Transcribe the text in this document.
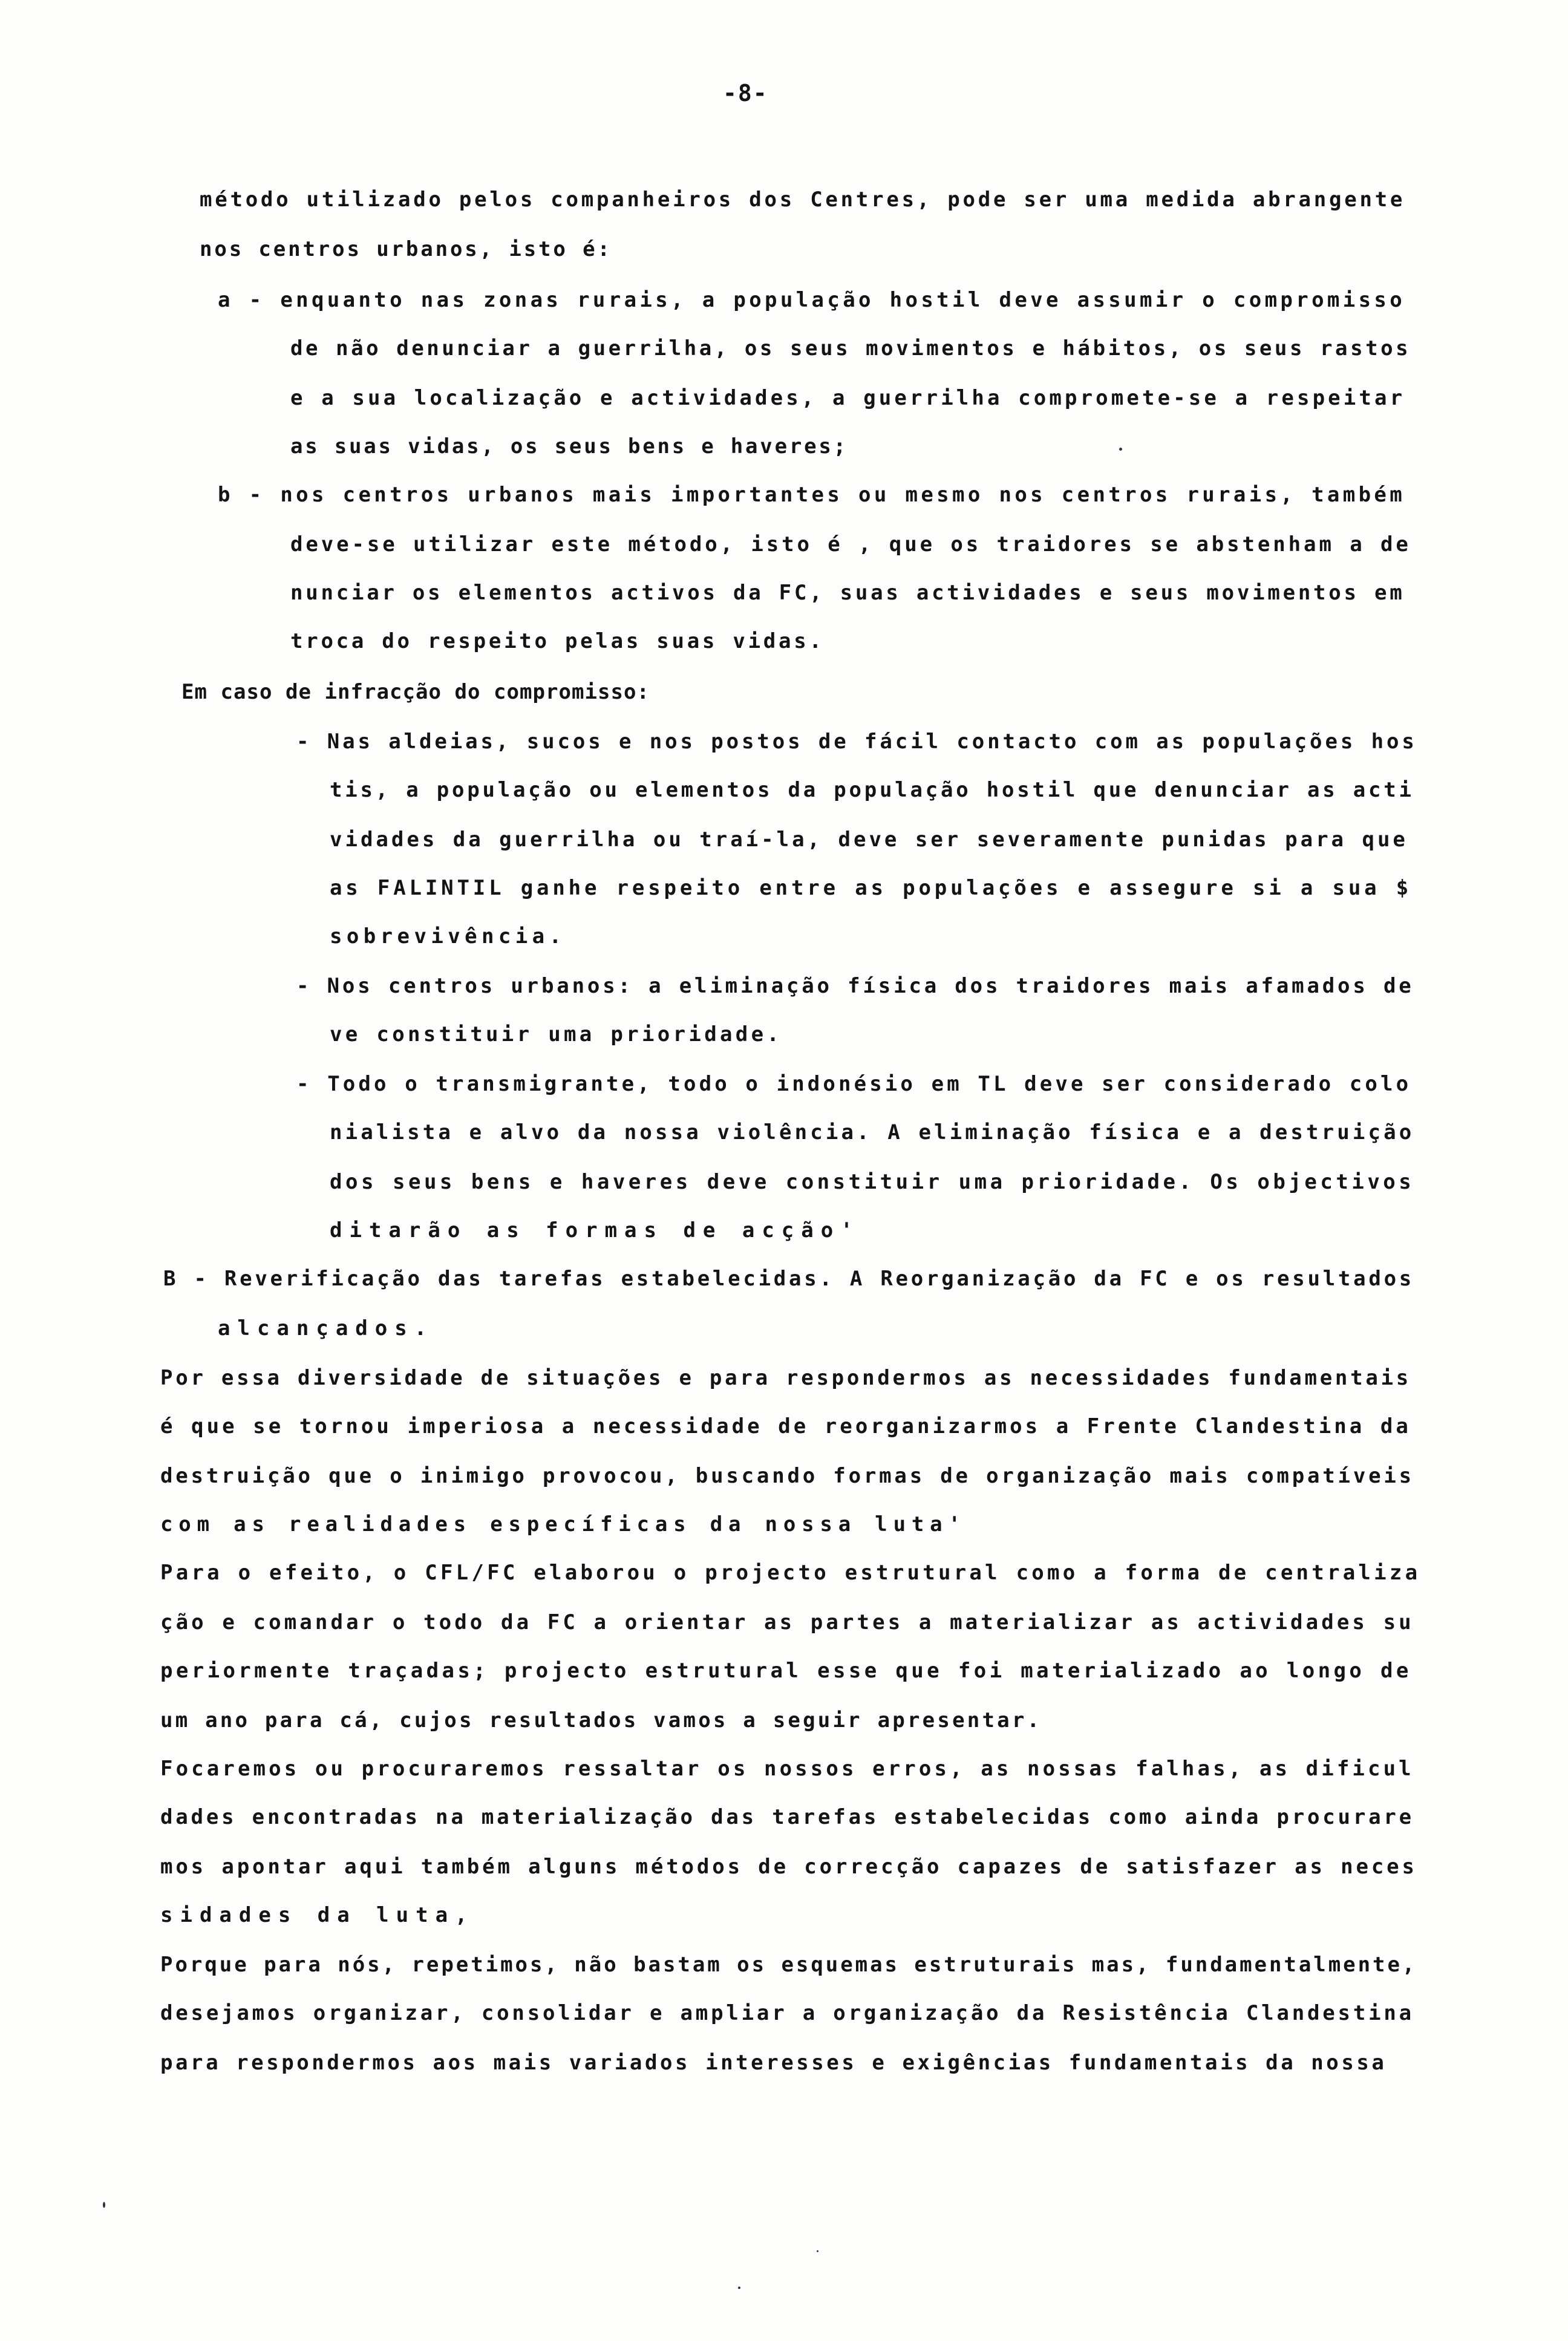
-8-
método utilizado pelos companheiros dos Centres, pode ser uma medida abrangente
nos centros urbanos, isto é:
a - enquanto nas zonas rurais, a população hostil deve assumir o compromisso
de não denunciar a guerrilha, os seus movimentos e hábitos, os seus rastos
e a sua localização e actividades, a guerrilha compromete-se a respeitar
as suas vidas, os seus bens e haveres;
b - nos centros urbanos mais importantes ou mesmo nos centros rurais, também
deve-se utilizar este método, isto é , que os traidores se abstenham a de
nunciar os elementos activos da FC, suas actividades e seus movimentos em
troca do respeito pelas suas vidas.
Em caso de infracção do compromisso:
- Nas aldeias, sucos e nos postos de fácil contacto com as populações hos
tis, a população ou elementos da população hostil que denunciar as acti
vidades da guerrilha ou traí-la, deve ser severamente punidas para que
as FALINTIL ganhe respeito entre as populações e assegure si a sua $
sobrevivência.
- Nos centros urbanos: a eliminação física dos traidores mais afamados de
ve constituir uma prioridade.
- Todo o transmigrante, todo o indonésio em TL deve ser considerado colo
nialista e alvo da nossa violência. A eliminação física e a destruição
dos seus bens e haveres deve constituir uma prioridade. Os objectivos
ditarão as formas de acção'
B - Reverificação das tarefas estabelecidas. A Reorganização da FC e os resultados
alcançados.
Por essa diversidade de situações e para respondermos as necessidades fundamentais
é que se tornou imperiosa a necessidade de reorganizarmos a Frente Clandestina da
destruição que o inimigo provocou, buscando formas de organização mais compatíveis
com as realidades específicas da nossa luta'
Para o efeito, o CFL/FC elaborou o projecto estrutural como a forma de centraliza
ção e comandar o todo da FC a orientar as partes a materializar as actividades su
periormente traçadas; projecto estrutural esse que foi materializado ao longo de
um ano para cá, cujos resultados vamos a seguir apresentar.
Focaremos ou procuraremos ressaltar os nossos erros, as nossas falhas, as dificul
dades encontradas na materialização das tarefas estabelecidas como ainda procurare
mos apontar aqui também alguns métodos de correcção capazes de satisfazer as neces
sidades da luta,
Porque para nós, repetimos, não bastam os esquemas estruturais mas, fundamentalmente,
desejamos organizar, consolidar e ampliar a organização da Resistência Clandestina
para respondermos aos mais variados interesses e exigências fundamentais da nossa
